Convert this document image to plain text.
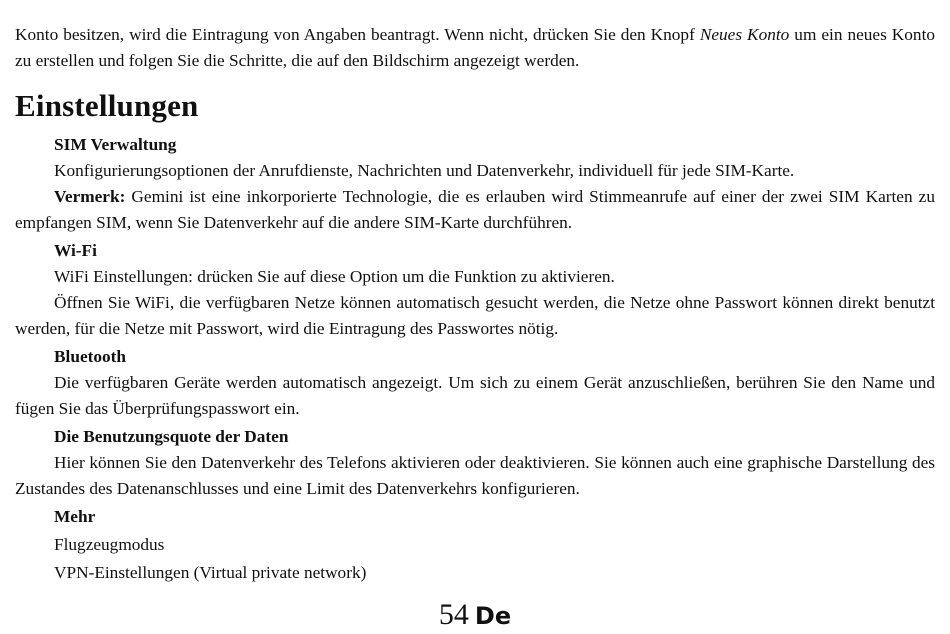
Konto besitzen, wird die Eintragung von Angaben beantragt. Wenn nicht, drücken Sie den Knopf Neues Konto um ein neues Konto zu erstellen und folgen Sie die Schritte, die auf den Bildschirm angezeigt werden.

Einstellungen
SIM Verwaltung

Konfigurierungsoptionen der Anrufdienste, Nachrichten und Datenverkehr, individuell für jede SIM-Karte.

Vermerk: Gemini ist eine inkorporierte Technologie, die es erlauben wird Stimmeanrufe auf einer der zwei SIM Karten zu empfangen SIM, wenn Sie Datenverkehr auf die andere SIM-Karte durchführen.

Wi-Fi

WiFi Einstellungen: drücken Sie auf diese Option um die Funktion zu aktivieren.

Öffnen Sie WiFi, die verfügbaren Netze können automatisch gesucht werden, die Netze ohne Passwort können direkt benutzt werden, für die Netze mit Passwort, wird die Eintragung des Passwortes nötig.

Bluetooth

Die verfügbaren Geräte werden automatisch angezeigt. Um sich zu einem Gerät anzuschließen, berühren Sie den Name und fügen Sie das Überprüfungspasswort ein.

Die Benutzungsquote der Daten

Hier können Sie den Datenverkehr des Telefons aktivieren oder deaktivieren. Sie können auch eine graphische Darstellung des Zustandes des Datenanschlusses und eine Limit des Datenverkehrs konfigurieren.

Mehr

Flugzeugmodus

VPN-Einstellungen (Virtual private network)

54 De
